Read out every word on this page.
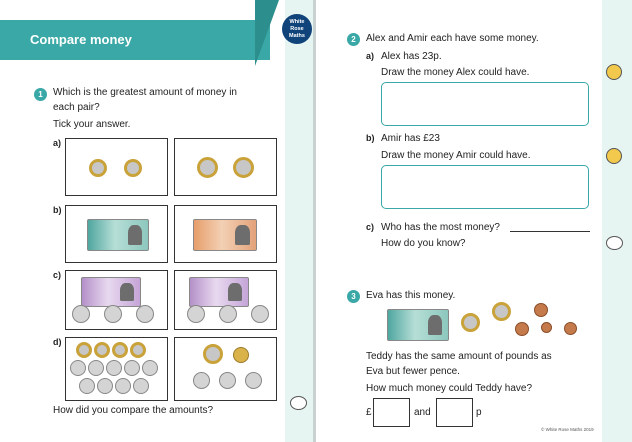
Compare money
White
Rose
Maths
1	Which is the greatest amount of money in
each pair?
Tick your answer.
a)
b)
c)
d)
How did you compare the amounts?
2	Alex and Amir each have some money.
a) Alex has 23p.
Draw the money Alex could have.
b) Amir has £23
Draw the money Amir could have.
c) Who has the most money?
How do you know?
3	Eva has this money.
Teddy has the same amount of pounds as
Eva but fewer pence.
How much money could Teddy have?
£	and	p
© White Rose Maths 2019
